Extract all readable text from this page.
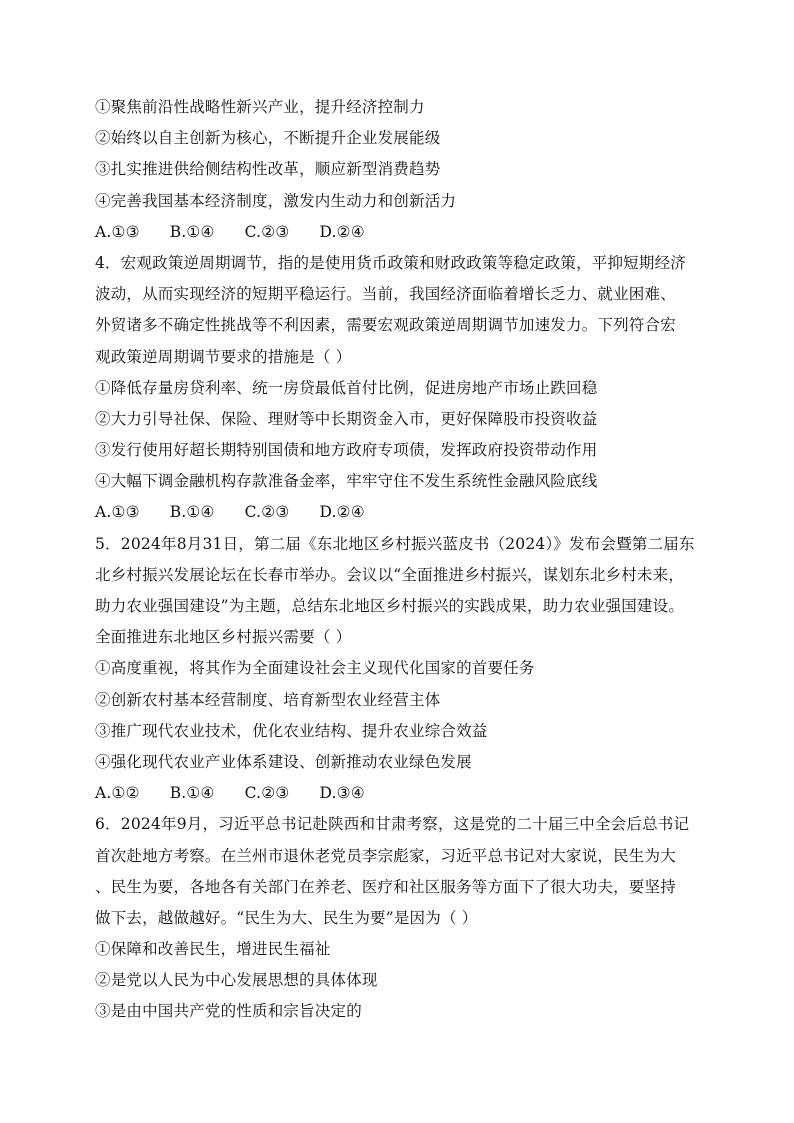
①聚焦前沿性战略性新兴产业，提升经济控制力
②始终以自主创新为核心，不断提升企业发展能级
③扎实推进供给侧结构性改革，顺应新型消费趋势
④完善我国基本经济制度，激发内生动力和创新活力
A.①③ B.①④ C.②③ D.②④
4．宏观政策逆周期调节，指的是使用货币政策和财政政策等稳定政策，平抑短期经济
波动，从而实现经济的短期平稳运行。当前，我国经济面临着增长乏力、就业困难、
外贸诸多不确定性挑战等不利因素，需要宏观政策逆周期调节加速发力。下列符合宏
观政策逆周期调节要求的措施是（ ）
①降低存量房贷利率、统一房贷最低首付比例，促进房地产市场止跌回稳
②大力引导社保、保险、理财等中长期资金入市，更好保障股市投资收益
③发行使用好超长期特别国债和地方政府专项债，发挥政府投资带动作用
④大幅下调金融机构存款准备金率，牢牢守住不发生系统性金融风险底线
A.①③ B.①④ C.②③ D.②④
5．2024年8月31日，第二届《东北地区乡村振兴蓝皮书（2024）》发布会暨第二届东
北乡村振兴发展论坛在长春市举办。会议以“全面推进乡村振兴，谋划东北乡村未来，
助力农业强国建设”为主题，总结东北地区乡村振兴的实践成果，助力农业强国建设。
全面推进东北地区乡村振兴需要（ ）
①高度重视，将其作为全面建设社会主义现代化国家的首要任务
②创新农村基本经营制度、培育新型农业经营主体
③推广现代农业技术，优化农业结构、提升农业综合效益
④强化现代农业产业体系建设、创新推动农业绿色发展
A.①② B.①④ C.②③ D.③④
6．2024年9月，习近平总书记赴陕西和甘肃考察，这是党的二十届三中全会后总书记
首次赴地方考察。在兰州市退休老党员李宗彪家，习近平总书记对大家说，民生为大
、民生为要，各地各有关部门在养老、医疗和社区服务等方面下了很大功夫，要坚持
做下去，越做越好。“民生为大、民生为要”是因为（ ）
①保障和改善民生，增进民生福祉
②是党以人民为中心发展思想的具体体现
③是由中国共产党的性质和宗旨决定的
